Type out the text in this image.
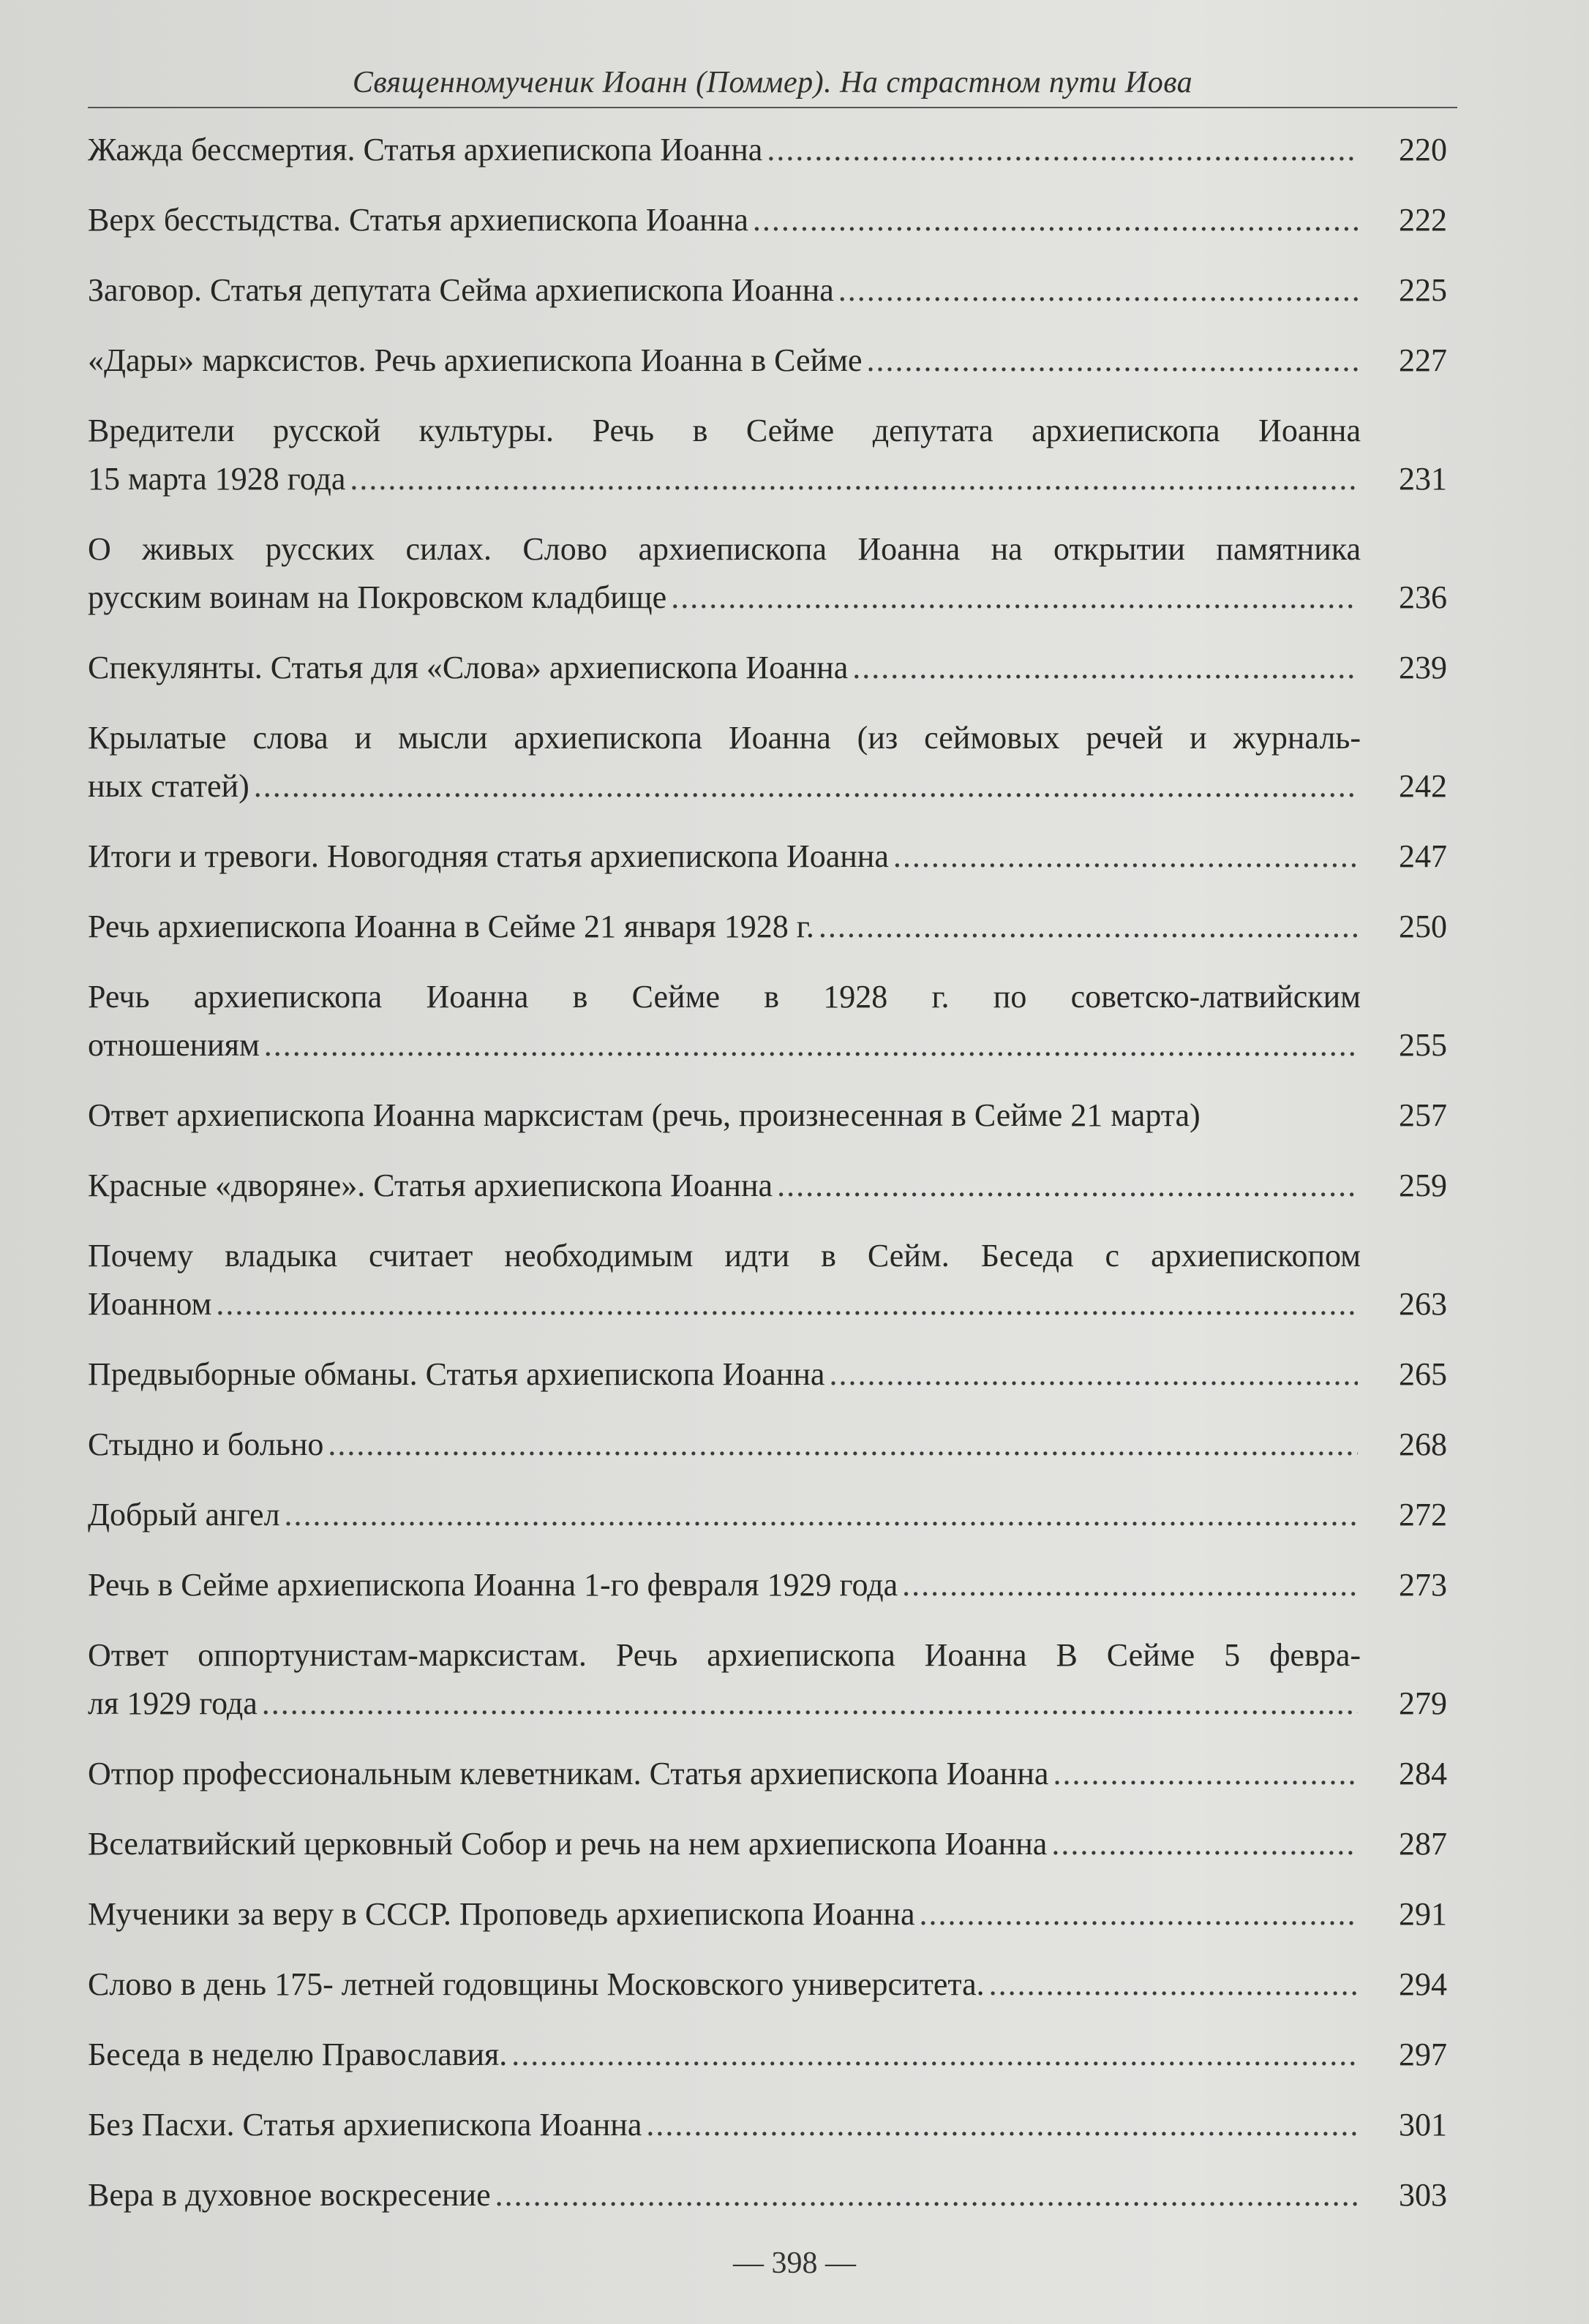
Священномученик Иоанн (Поммер). На страстном пути Иова
Жажда бессмертия. Статья архиепископа Иоанна .....	220
Верх бесстыдства. Статья архиепископа Иоанна .....	222
Заговор. Статья депутата Сейма архиепископа Иоанна .....	225
«Дары» марксистов. Речь архиепископа Иоанна в Сейме .....	227
Вредители русской культуры. Речь в Сейме депутата архиепископа Иоанна
15 марта 1928 года .....	231
О живых русских силах. Слово архиепископа Иоанна на открытии памятника
русским воинам на Покровском кладбище .....	236
Спекулянты. Статья для «Слова» архиепископа Иоанна .....	239
Крылатые слова и мысли архиепископа Иоанна (из сеймовых речей и журналь-
ных статей) .....	242
Итоги и тревоги. Новогодняя статья архиепископа Иоанна .....	247
Речь архиепископа Иоанна в Сейме 21 января 1928 г. .....	250
Речь архиепископа Иоанна в Сейме в 1928 г. по советско-латвийским
отношениям .....	255
Ответ архиепископа Иоанна марксистам (речь, произнесенная в Сейме 21 марта)	257
Красные «дворяне». Статья архиепископа Иоанна .....	259
Почему владыка считает необходимым идти в Сейм. Беседа с архиепископом
Иоанном .....	263
Предвыборные обманы. Статья архиепископа Иоанна .....	265
Стыдно и больно .....	268
Добрый ангел .....	272
Речь в Сейме архиепископа Иоанна 1-го февраля 1929 года .....	273
Ответ оппортунистам-марксистам. Речь архиепископа Иоанна В Сейме 5 февра-
ля 1929 года .....	279
Отпор профессиональным клеветникам. Статья архиепископа Иоанна .....	284
Вселатвийский церковный Собор и речь на нем архиепископа Иоанна .....	287
Мученики за веру в СССР. Проповедь архиепископа Иоанна .....	291
Слово в день 175- летней годовщины Московского университета. .....	294
Беседа в неделю Православия. .....	297
Без Пасхи. Статья архиепископа Иоанна .....	301
Вера в духовное воскресение .....	303
— 398 —
